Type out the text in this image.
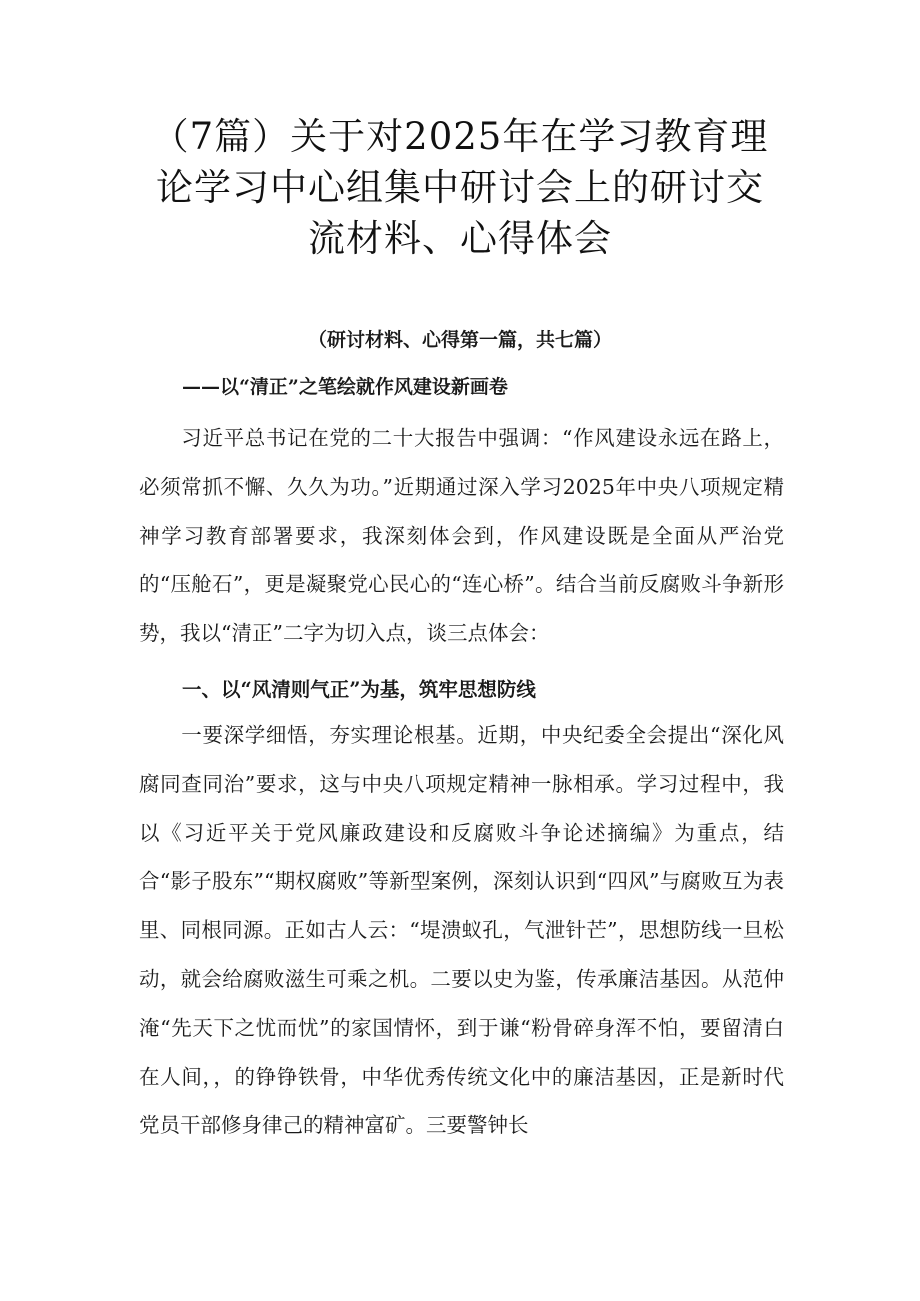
（7篇）关于对2025年在学习教育理论学习中心组集中研讨会上的研讨交流材料、心得体会

（研讨材料、心得第一篇，共七篇）

——以“清正”之笔绘就作风建设新画卷

　　习近平总书记在党的二十大报告中强调：“作风建设永远在路上，必须常抓不懈、久久为功。”近期通过深入学习2025年中央八项规定精神学习教育部署要求，我深刻体会到，作风建设既是全面从严治党的“压舱石”，更是凝聚党心民心的“连心桥”。结合当前反腐败斗争新形势，我以“清正”二字为切入点，谈三点体会：

一、以“风清则气正”为基，筑牢思想防线

　　一要深学细悟，夯实理论根基。近期，中央纪委全会提出“深化风腐同查同治”要求，这与中央八项规定精神一脉相承。学习过程中，我以《习近平关于党风廉政建设和反腐败斗争论述摘编》为重点，结合“影子股东”“期权腐败”等新型案例，深刻认识到“四风”与腐败互为表里、同根同源。正如古人云：“堤溃蚁孔，气泄针芒”，思想防线一旦松动，就会给腐败滋生可乘之机。二要以史为鉴，传承廉洁基因。从范仲淹“先天下之忧而忧”的家国情怀，到于谦“粉骨碎身浑不怕，要留清白在人间，，的铮铮铁骨，中华优秀传统文化中的廉洁基因，正是新时代党员干部修身律己的精神富矿。三要警钟长
